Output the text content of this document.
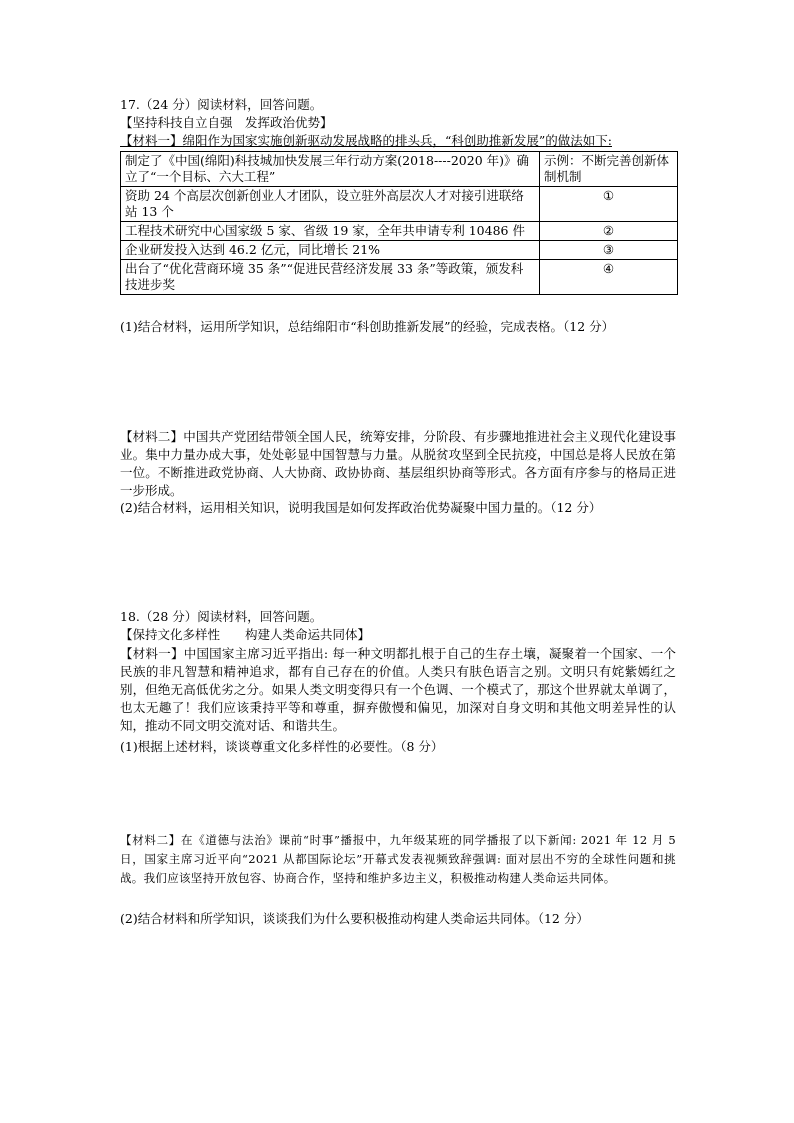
17.（24 分）阅读材料，回答问题。
【坚持科技自立自强　发挥政治优势】
【材料一】绵阳作为国家实施创新驱动发展战略的排头兵，“科创助推新发展”的做法如下:
制定了《中国(绵阳)科技城加快发展三年行动方案(2018----2020 年)》确立了“一个目标、六大工程”	示例：不断完善创新体制机制
资助 24 个高层次创新创业人才团队，设立驻外高层次人才对接引进联络站 13 个	①
工程技术研究中心国家级 5 家、省级 19 家，全年共申请专利 10486 件	②
企业研发投入达到 46.2 亿元，同比增长 21%	③
出台了“优化营商环境 35 条”“促进民营经济发展 33 条”等政策，颁发科技进步奖	④
(1)结合材料，运用所学知识，总结绵阳市“科创助推新发展”的经验，完成表格。（12 分）
【材料二】中国共产党团结带领全国人民，统筹安排，分阶段、有步骤地推进社会主义现代化建设事业。集中力量办成大事，处处彰显中国智慧与力量。从脱贫攻坚到全民抗疫，中国总是将人民放在第一位。不断推进政党协商、人大协商、政协协商、基层组织协商等形式。各方面有序参与的格局正进一步形成。
(2)结合材料，运用相关知识，说明我国是如何发挥政治优势凝聚中国力量的。（12 分）
18.（28 分）阅读材料，回答问题。
【保持文化多样性　　构建人类命运共同体】
【材料一】中国国家主席习近平指出: 每一种文明都扎根于自己的生存土壤，凝聚着一个国家、一个民族的非凡智慧和精神追求，都有自己存在的价值。人类只有肤色语言之别。文明只有姹紫嫣红之别，但绝无高低优劣之分。如果人类文明变得只有一个色调、一个模式了，那这个世界就太单调了，也太无趣了！我们应该秉持平等和尊重，摒弃傲慢和偏见，加深对自身文明和其他文明差异性的认知，推动不同文明交流对话、和谐共生。
(1)根据上述材料，谈谈尊重文化多样性的必要性。（8 分）
【材料二】在《道德与法治》课前“时事”播报中，九年级某班的同学播报了以下新闻: 2021 年 12 月 5 日，国家主席习近平向“2021 从都国际论坛”开幕式发表视频致辞强调: 面对层出不穷的全球性问题和挑战。我们应该坚持开放包容、协商合作，坚持和维护多边主义，积极推动构建人类命运共同体。
(2)结合材料和所学知识，谈谈我们为什么要积极推动构建人类命运共同体。（12 分）
